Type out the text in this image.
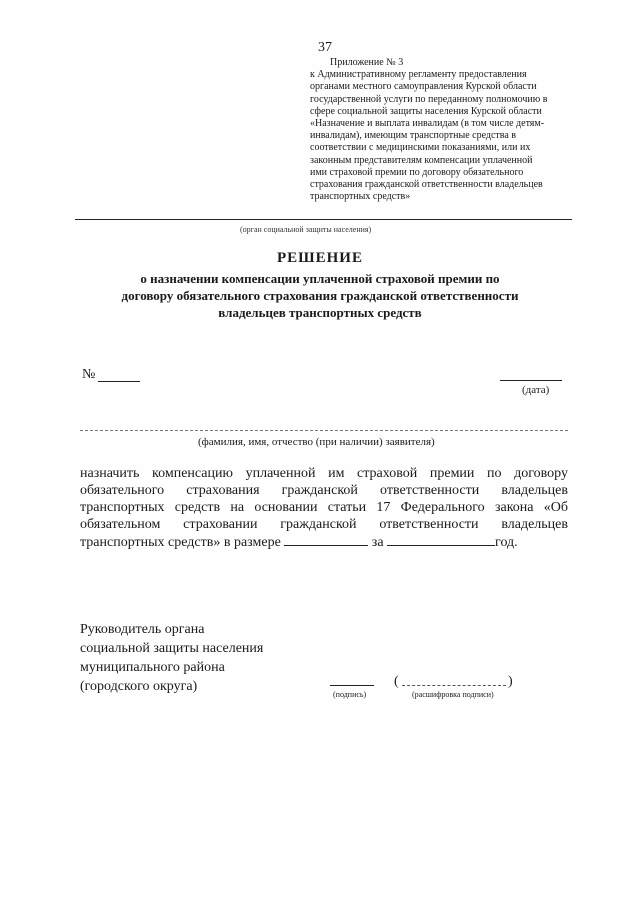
37
Приложение № 3
к Административному регламенту предоставления
органами местного самоуправления Курской области
государственной услуги по переданному полномочию в
сфере социальной защиты населения Курской области
«Назначение и выплата инвалидам (в том числе детям-
инвалидам), имеющим транспортные средства в
соответствии с медицинскими показаниями, или их
законным представителям компенсации уплаченной
ими страховой премии по договору обязательного
страхования гражданской ответственности владельцев
транспортных средств»
(орган социальной защиты населения)
РЕШЕНИЕ
о назначении компенсации уплаченной страховой премии по
договору обязательного страхования гражданской ответственности
владельцев транспортных средств
№
(дата)
(фамилия, имя, отчество (при наличии) заявителя)
назначить компенсацию уплаченной им страховой премии по договору
обязательного страхования гражданской ответственности владельцев
транспортных средств на основании статьи 17 Федерального закона «Об
обязательном страховании гражданской ответственности владельцев
транспортных средств» в размере	за	год.
Руководитель органа
социальной защиты населения
муниципального района
(городского округа)
(подпись)
(	)
(расшифровка подписи)
